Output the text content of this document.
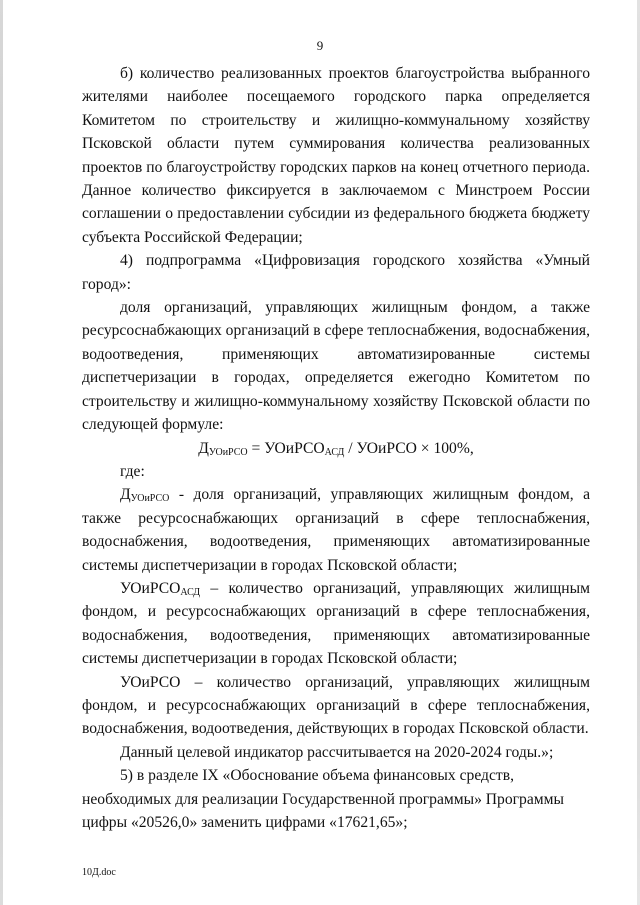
9

б) количество реализованных проектов благоустройства выбранного жителями наиболее посещаемого городского парка определяется Комитетом по строительству и жилищно-коммунальному хозяйству Псковской области путем суммирования количества реализованных проектов по благоустройству городских парков на конец отчетного периода. Данное количество фиксируется в заключаемом с Минстроем России соглашении о предоставлении субсидии из федерального бюджета бюджету субъекта Российской Федерации;

4) подпрограмма «Цифровизация городского хозяйства «Умный город»:

доля организаций, управляющих жилищным фондом, а также ресурсоснабжающих организаций в сфере теплоснабжения, водоснабжения, водоотведения, применяющих автоматизированные системы диспетчеризации в городах, определяется ежегодно Комитетом по строительству и жилищно-коммунальному хозяйству Псковской области по следующей формуле:

$Д_{УОиРСО}$ = УОиРСО$_{АСД}$ / УОиРСО × 100%,

где:

$Д_{УОиРСО}$ - доля организаций, управляющих жилищным фондом, а также ресурсоснабжающих организаций в сфере теплоснабжения, водоснабжения, водоотведения, применяющих автоматизированные системы диспетчеризации в городах Псковской области;

УОиРСО$_{АСД}$ – количество организаций, управляющих жилищным фондом, и ресурсоснабжающих организаций в сфере теплоснабжения, водоснабжения, водоотведения, применяющих автоматизированные системы диспетчеризации в городах Псковской области;

УОиРСО – количество организаций, управляющих жилищным фондом, и ресурсоснабжающих организаций в сфере теплоснабжения, водоснабжения, водоотведения, действующих в городах Псковской области.

Данный целевой индикатор рассчитывается на 2020-2024 годы.»;

5) в разделе IX «Обоснование объема финансовых средств, необходимых для реализации Государственной программы» Программы цифры «20526,0» заменить цифрами «17621,65»;

10Д.doc
